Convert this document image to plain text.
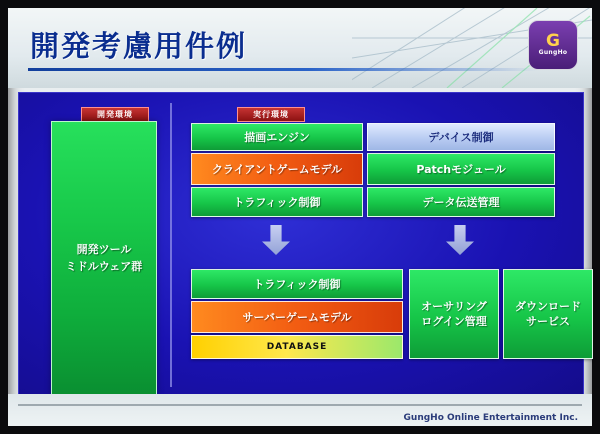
開発考慮用件例	G
GungHo
開発環境	実行環境
開発ツール
ミドルウェア群
描画エンジン	デバイス制御
クライアントゲームモデル	Patchモジュール
トラフィック制御	データ伝送管理
トラフィック制御
サーバーゲームモデル
DATABASE
オーサリング
ログイン管理
ダウンロード
サービス
GungHo Online Entertainment Inc.
